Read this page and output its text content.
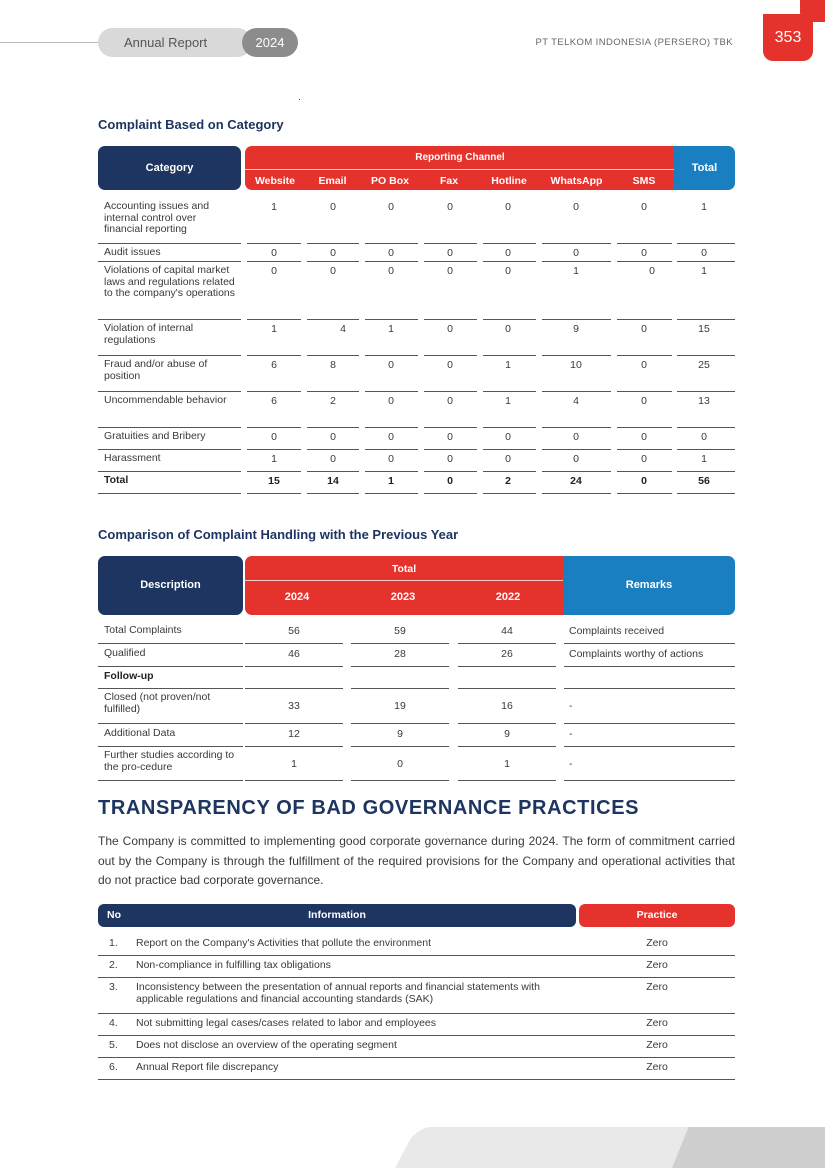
Annual Report	2024	PT TELKOM INDONESIA (PERSERO) TBK	353
Complaint Based on Category
Category
Reporting Channel
Website	Email	PO Box	Fax	Hotline	WhatsApp	SMS
Total
Accounting issues and internal control over financial reporting
1	0	0	0	0	0	0	1
Audit issues	0	0	0	0	0	0	0	0
Violations of capital market laws and regulations related to the company's operations
0	0	0	0	0	1	0	1
Violation of internal regulations
1	4	1	0	0	9	0	15
Fraud and/or abuse of position
6	8	0	0	1	10	0	25
Uncommendable behavior	6	2	0	0	1	4	0	13
Gratuities and Bribery	0	0	0	0	0	0	0	0
Harassment	1	0	0	0	0	0	0	1
Total	15	14	1	0	2	24	0	56
Comparison of Complaint Handling with the Previous Year
Description
Total
2024	2023	2022
Remarks
Total Complaints	56	59	44	Complaints received
Qualified	46	28	26	Complaints worthy of actions
Follow-up
Closed (not proven/not fulfilled)	33	19	16	-
Additional Data	12	9	9	-
Further studies according to the pro-cedure	1	0	1	-
TRANSPARENCY OF BAD GOVERNANCE PRACTICES
The Company is committed to implementing good corporate governance during 2024. The form of commitment carried out by the Company is through the fulfillment of the required provisions for the Company and operational activities that do not practice bad corporate governance.
No	Information	Practice
1. Report on the Company's Activities that pollute the environment	Zero
2. Non-compliance in fulfilling tax obligations	Zero
3. Inconsistency between the presentation of annual reports and financial statements with applicable regulations and financial accounting standards (SAK)
Zero
4. Not submitting legal cases/cases related to labor and employees	Zero
5. Does not disclose an overview of the operating segment	Zero
6. Annual Report file discrepancy	Zero
